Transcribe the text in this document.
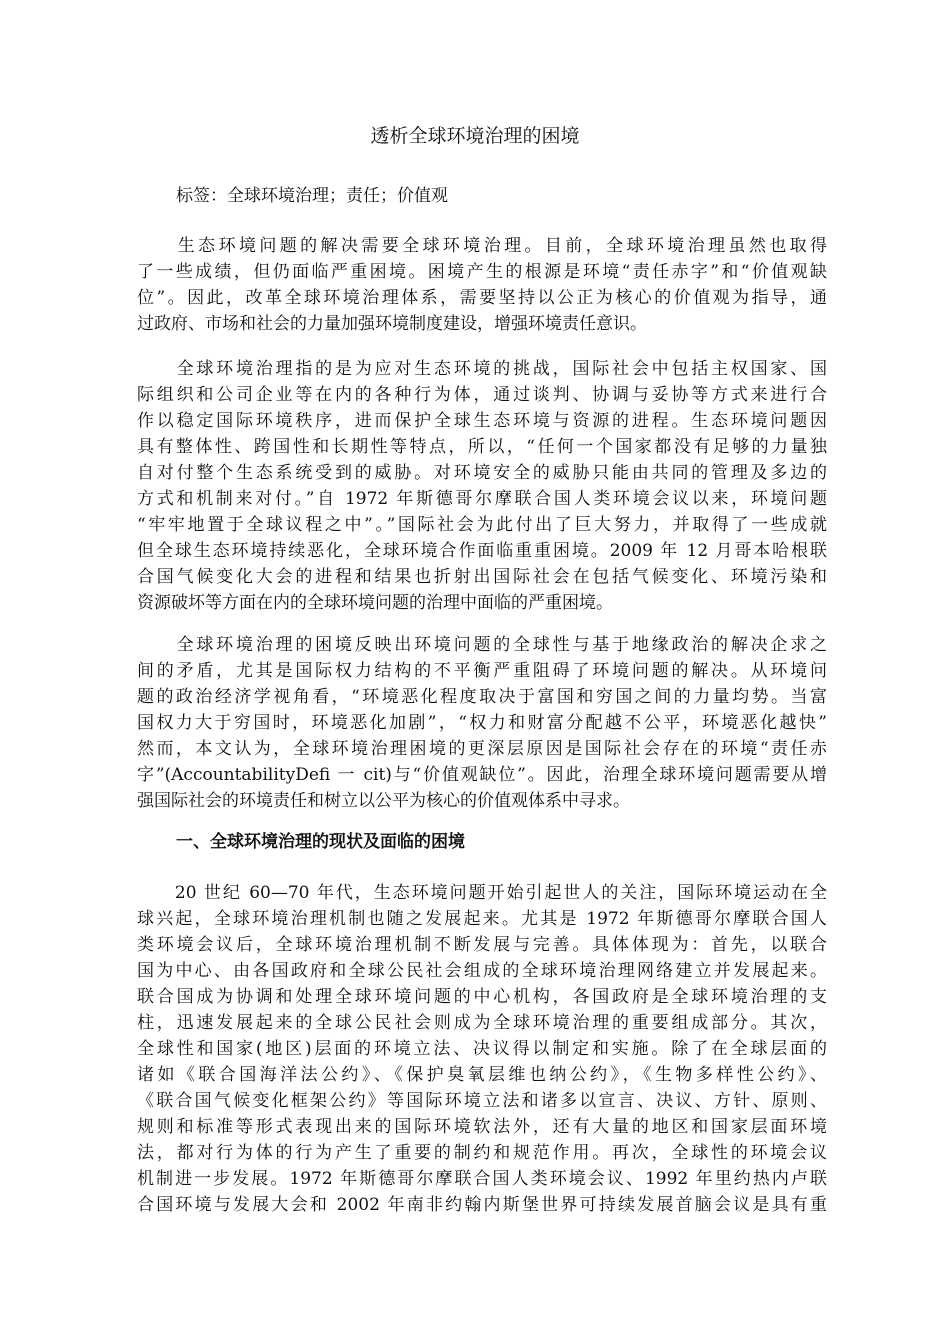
透析全球环境治理的困境

标签：全球环境治理；责任；价值观

　　生态环境问题的解决需要全球环境治理。目前，全球环境治理虽然也取得
了一些成绩，但仍面临严重困境。困境产生的根源是环境“责任赤字”和“价值观缺
位”。因此，改革全球环境治理体系，需要坚持以公正为核心的价值观为指导，通
过政府、市场和社会的力量加强环境制度建设，增强环境责任意识。
　　全球环境治理指的是为应对生态环境的挑战，国际社会中包括主权国家、国
际组织和公司企业等在内的各种行为体，通过谈判、协调与妥协等方式来进行合
作以稳定国际环境秩序，进而保护全球生态环境与资源的进程。生态环境问题因
具有整体性、跨国性和长期性等特点，所以，“任何一个国家都没有足够的力量独
自对付整个生态系统受到的威胁。对环境安全的威胁只能由共同的管理及多边的
方式和机制来对付。”自 1972 年斯德哥尔摩联合国人类环境会议以来，环境问题
“牢牢地置于全球议程之中”。”国际社会为此付出了巨大努力，并取得了一些成就
但全球生态环境持续恶化，全球环境合作面临重重困境。2009 年 12 月哥本哈根联
合国气候变化大会的进程和结果也折射出国际社会在包括气候变化、环境污染和
资源破坏等方面在内的全球环境问题的治理中面临的严重困境。
　　全球环境治理的困境反映出环境问题的全球性与基于地缘政治的解决企求之
间的矛盾，尤其是国际权力结构的不平衡严重阻碍了环境问题的解决。从环境问
题的政治经济学视角看，“环境恶化程度取决于富国和穷国之间的力量均势。当富
国权力大于穷国时，环境恶化加剧”，“权力和财富分配越不公平，环境恶化越快”
然而，本文认为，全球环境治理困境的更深层原因是国际社会存在的环境“责任赤
字”(AccountabilityDefi 一 cit)与“价值观缺位”。因此，治理全球环境问题需要从增
强国际社会的环境责任和树立以公平为核心的价值观体系中寻求。
一、全球环境治理的现状及面临的困境
　　20 世纪 60—70 年代，生态环境问题开始引起世人的关注，国际环境运动在全
球兴起，全球环境治理机制也随之发展起来。尤其是 1972 年斯德哥尔摩联合国人
类环境会议后，全球环境治理机制不断发展与完善。具体体现为：首先，以联合
国为中心、由各国政府和全球公民社会组成的全球环境治理网络建立并发展起来。
联合国成为协调和处理全球环境问题的中心机构，各国政府是全球环境治理的支
柱，迅速发展起来的全球公民社会则成为全球环境治理的重要组成部分。其次，
全球性和国家(地区)层面的环境立法、决议得以制定和实施。除了在全球层面的
诸如《联合国海洋法公约》、《保护臭氧层维也纳公约》，《生物多样性公约》、
《联合国气候变化框架公约》等国际环境立法和诸多以宣言、决议、方针、原则、
规则和标准等形式表现出来的国际环境软法外，还有大量的地区和国家层面环境
法，都对行为体的行为产生了重要的制约和规范作用。再次，全球性的环境会议
机制进一步发展。1972 年斯德哥尔摩联合国人类环境会议、1992 年里约热内卢联
合国环境与发展大会和 2002 年南非约翰内斯堡世界可持续发展首脑会议是具有重
